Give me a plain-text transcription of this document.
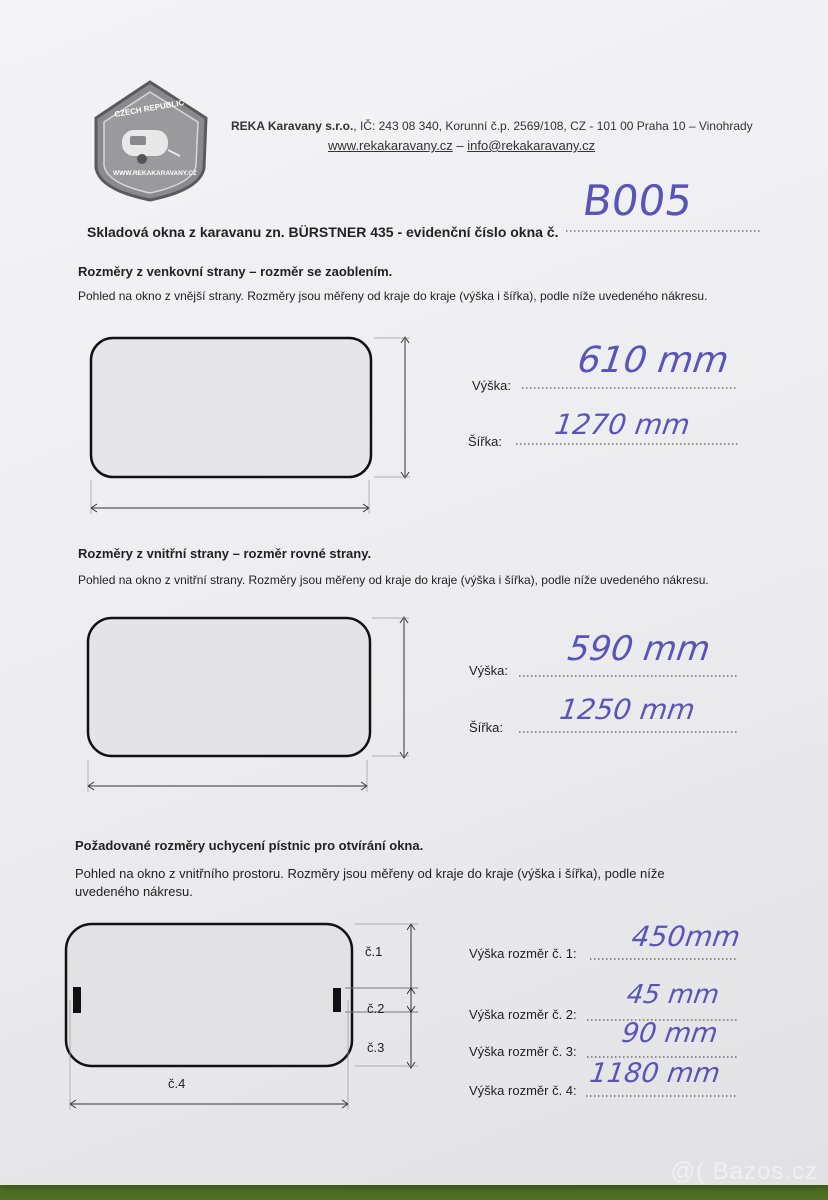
CZECH REPUBLIC
WWW.REKAKARAVANY.CZ
REKA Karavany s.r.o., IČ: 243 08 340, Korunní č.p. 2569/108, CZ - 101 00 Praha 10 – Vinohrady
www.rekakaravany.cz – info@rekakaravany.cz
Skladová okna z karavanu zn. BÜRSTNER 435 - evidenční číslo okna č.
B005
Rozměry z venkovní strany – rozměr se zaoblením.
Pohled na okno z vnější strany. Rozměry jsou měřeny od kraje do kraje (výška i šířka), podle níže uvedeného nákresu.
Výška:
610 mm
Šířka:
1270 mm
Rozměry z vnitřní strany – rozměr rovné strany.
Pohled na okno z vnitřní strany. Rozměry jsou měřeny od kraje do kraje (výška i šířka), podle níže uvedeného nákresu.
Výška:
590 mm
Šířka:
1250 mm
Požadované rozměry uchycení pístnic pro otvírání okna.
Pohled na okno z vnitřního prostoru. Rozměry jsou měřeny od kraje do kraje (výška i šířka), podle níže
uvedeného nákresu.
č.1
č.2
č.3
č.4
Výška rozměr č. 1:
450mm
Výška rozměr č. 2:
45 mm
Výška rozměr č. 3:
90 mm
Výška rozměr č. 4:
1180 mm
@( Bazos.cz
